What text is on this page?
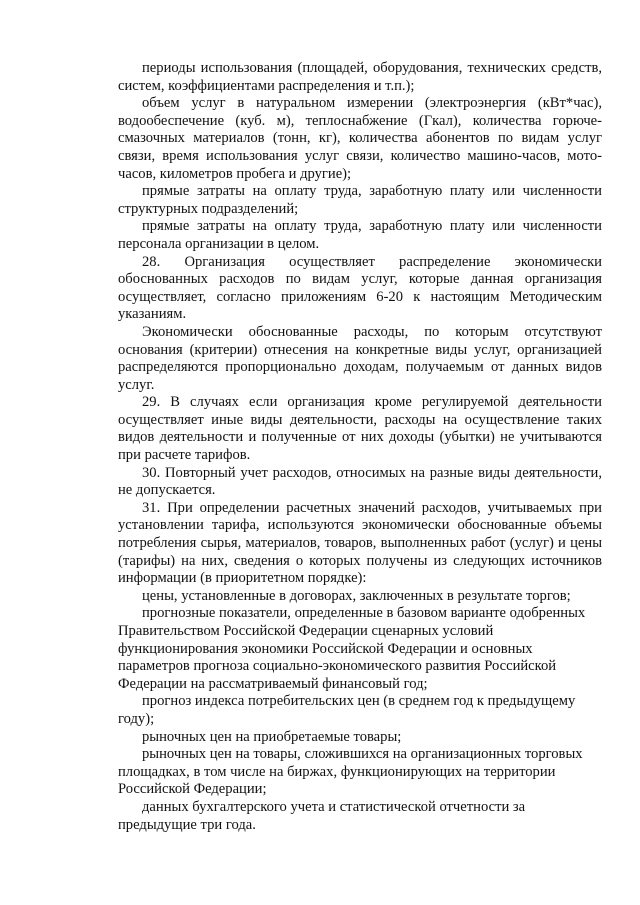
периоды использования (площадей, оборудования, технических средств, систем, коэффициентами распределения и т.п.);

объем услуг в натуральном измерении (электроэнергия (кВт*час), водообеспечение (куб. м), теплоснабжение (Гкал), количества горюче-смазочных материалов (тонн, кг), количества абонентов по видам услуг связи, время использования услуг связи, количество машино-часов, мото-часов, километров пробега и другие);

прямые затраты на оплату труда, заработную плату или численности структурных подразделений;

прямые затраты на оплату труда, заработную плату или численности персонала организации в целом.

28. Организация осуществляет распределение экономически обоснованных расходов по видам услуг, которые данная организация осуществляет, согласно приложениям 6-20 к настоящим Методическим указаниям.

Экономически обоснованные расходы, по которым отсутствуют основания (критерии) отнесения на конкретные виды услуг, организацией распределяются пропорционально доходам, получаемым от данных видов услуг.

29. В случаях если организация кроме регулируемой деятельности осуществляет иные виды деятельности, расходы на осуществление таких видов деятельности и полученные от них доходы (убытки) не учитываются при расчете тарифов.

30. Повторный учет расходов, относимых на разные виды деятельности, не допускается.

31. При определении расчетных значений расходов, учитываемых при установлении тарифа, используются экономически обоснованные объемы потребления сырья, материалов, товаров, выполненных работ (услуг) и цены (тарифы) на них, сведения о которых получены из следующих источников информации (в приоритетном порядке):

цены, установленные в договорах, заключенных в результате торгов;

прогнозные показатели, определенные в базовом варианте одобренных Правительством Российской Федерации сценарных условий функционирования экономики Российской Федерации и основных параметров прогноза социально-экономического развития Российской Федерации на рассматриваемый финансовый год;

прогноз индекса потребительских цен (в среднем год к предыдущему году);

рыночных цен на приобретаемые товары;

рыночных цен на товары, сложившихся на организационных торговых площадках, в том числе на биржах, функционирующих на территории Российской Федерации;

данных бухгалтерского учета и статистической отчетности за предыдущие три года.
